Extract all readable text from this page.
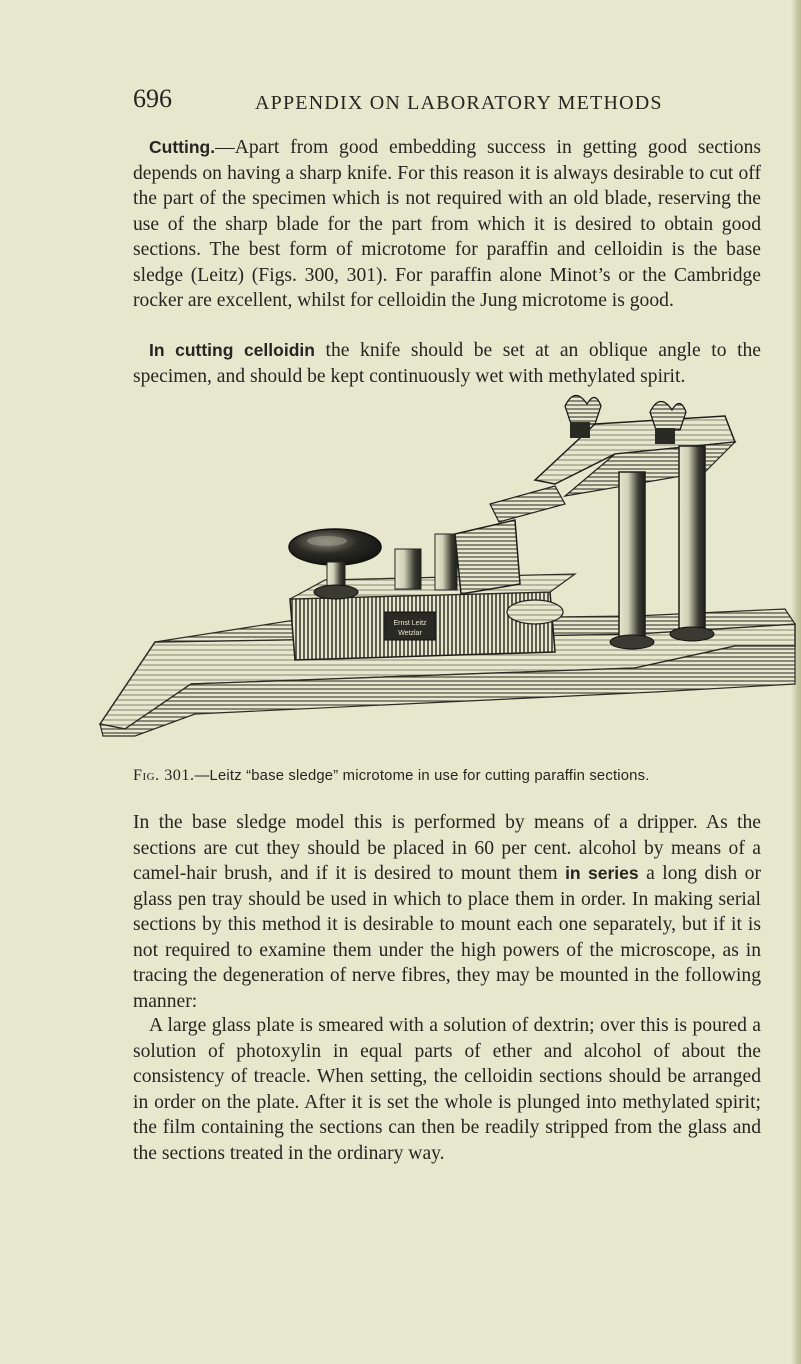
696	APPENDIX ON LABORATORY METHODS

Cutting.—Apart from good embedding success in getting good sections depends on having a sharp knife. For this reason it is always desirable to cut off the part of the specimen which is not required with an old blade, reserving the use of the sharp blade for the part from which it is desired to obtain good sections. The best form of microtome for paraffin and celloidin is the base sledge (Leitz) (Figs. 300, 301). For paraffin alone Minot’s or the Cambridge rocker are excellent, whilst for celloidin the Jung microtome is good.

In cutting celloidin the knife should be set at an oblique angle to the specimen, and should be kept continuously wet with methylated spirit.

Ernst Leitz
Wetzlar
Fig. 301.—Leitz “base sledge” microtome in use for cutting paraffin sections.

In the base sledge model this is performed by means of a dripper. As the sections are cut they should be placed in 60 per cent. alcohol by means of a camel-hair brush, and if it is desired to mount them in series a long dish or glass pen tray should be used in which to place them in order. In making serial sections by this method it is desirable to mount each one separately, but if it is not required to examine them under the high powers of the microscope, as in tracing the degeneration of nerve fibres, they may be mounted in the following manner:

A large glass plate is smeared with a solution of dextrin; over this is poured a solution of photoxylin in equal parts of ether and alcohol of about the consistency of treacle. When setting, the celloidin sections should be arranged in order on the plate. After it is set the whole is plunged into methylated spirit; the film containing the sections can then be readily stripped from the glass and the sections treated in the ordinary way.
